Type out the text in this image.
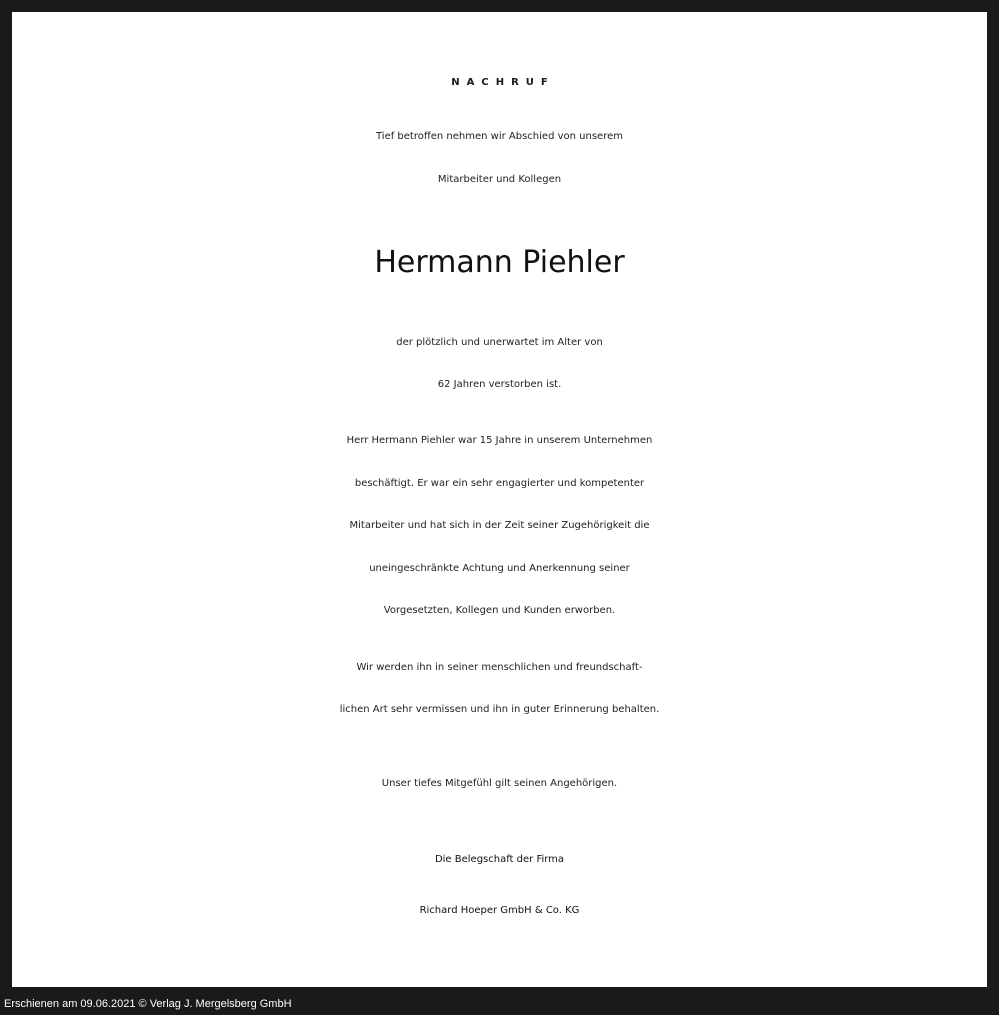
NACHRUF

Tief betroffen nehmen wir Abschied von unserem

Mitarbeiter und Kollegen

Hermann Piehler

der plötzlich und unerwartet im Alter von

62 Jahren verstorben ist.

Herr Hermann Piehler war 15 Jahre in unserem Unternehmen

beschäftigt. Er war ein sehr engagierter und kompetenter

Mitarbeiter und hat sich in der Zeit seiner Zugehörigkeit die

uneingeschränkte Achtung und Anerkennung seiner

Vorgesetzten, Kollegen und Kunden erworben.

Wir werden ihn in seiner menschlichen und freundschaft-

lichen Art sehr vermissen und ihn in guter Erinnerung behalten.

Unser tiefes Mitgefühl gilt seinen Angehörigen.

Die Belegschaft der Firma

Richard Hoeper GmbH & Co. KG

Erschienen am 09.06.2021 © Verlag J. Mergelsberg GmbH
